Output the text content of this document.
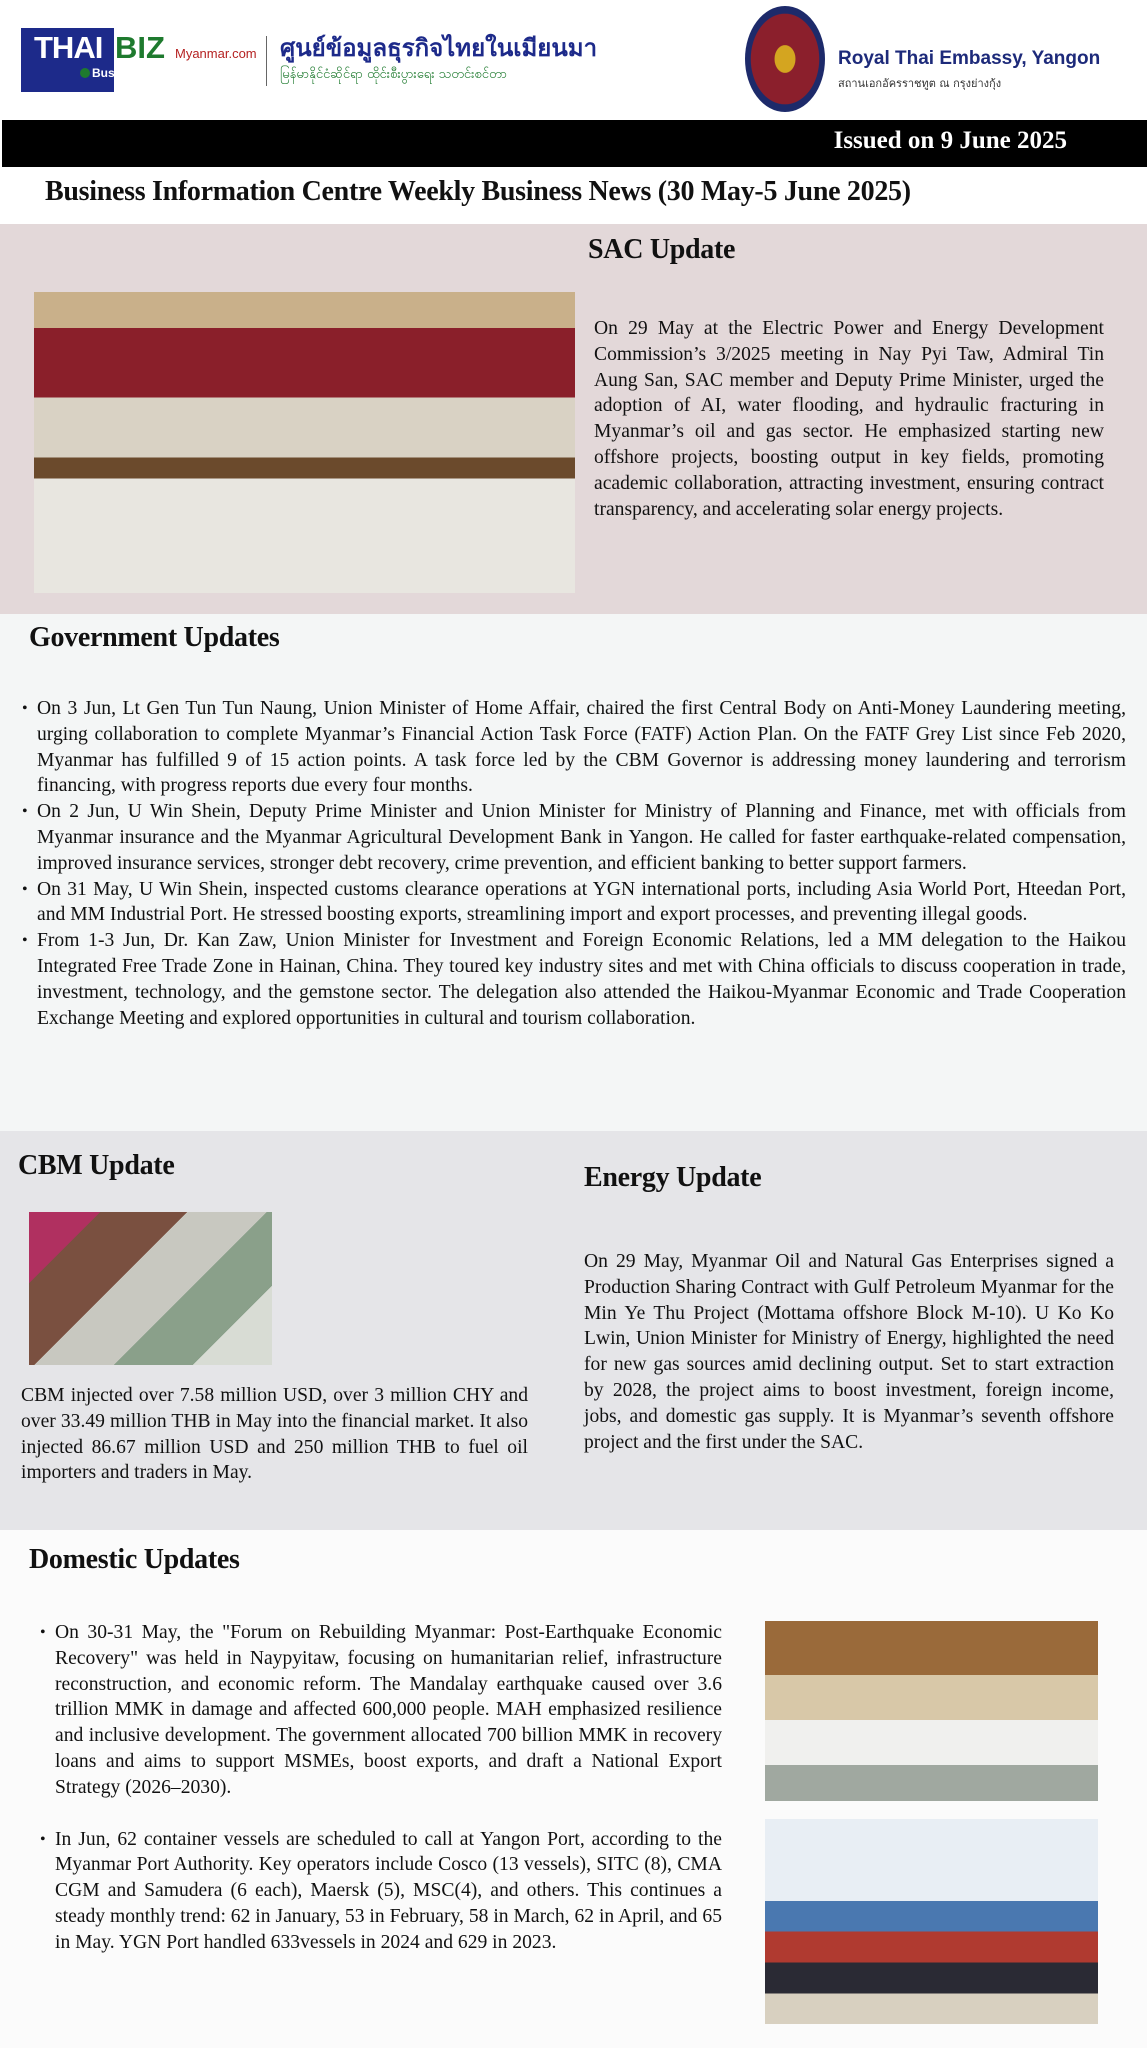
THAI BIZ Myanmar.com
Business Information Centre
ศูนย์ข้อมูลธุรกิจไทยในเมียนมา
မြန်မာနိုင်ငံဆိုင်ရာ ထိုင်းစီးပွားရေး သတင်းစင်တာ
Royal Thai Embassy, Yangon
สถานเอกอัครราชทูต ณ กรุงย่างกุ้ง
Issued on 9 June 2025
Business Information Centre Weekly Business News (30 May-5 June 2025)
SAC Update
On 29 May at the Electric Power and Energy Development Commission’s 3/2025 meeting in Nay Pyi Taw, Admiral Tin Aung San, SAC member and Deputy Prime Minister, urged the adoption of AI, water flooding, and hydraulic fracturing in Myanmar’s oil and gas sector. He emphasized starting new offshore projects, boosting output in key fields, promoting academic collaboration, attracting investment, ensuring contract transparency, and accelerating solar energy projects.
Government Updates
• On 3 Jun, Lt Gen Tun Tun Naung, Union Minister of Home Affair, chaired the first Central Body on Anti-Money Laundering meeting, urging collaboration to complete Myanmar’s Financial Action Task Force (FATF) Action Plan. On the FATF Grey List since Feb 2020, Myanmar has fulfilled 9 of 15 action points. A task force led by the CBM Governor is addressing money laundering and terrorism financing, with progress reports due every four months.
• On 2 Jun, U Win Shein, Deputy Prime Minister and Union Minister for Ministry of Planning and Finance, met with officials from Myanmar insurance and the Myanmar Agricultural Development Bank in Yangon. He called for faster earthquake-related compensation, improved insurance services, stronger debt recovery, crime prevention, and efficient banking to better support farmers.
• On 31 May, U Win Shein, inspected customs clearance operations at YGN international ports, including Asia World Port, Hteedan Port, and MM Industrial Port. He stressed boosting exports, streamlining import and export processes, and preventing illegal goods.
• From 1-3 Jun, Dr. Kan Zaw, Union Minister for Investment and Foreign Economic Relations, led a MM delegation to the Haikou Integrated Free Trade Zone in Hainan, China. They toured key industry sites and met with China officials to discuss cooperation in trade, investment, technology, and the gemstone sector. The delegation also attended the Haikou-Myanmar Economic and Trade Cooperation Exchange Meeting and explored opportunities in cultural and tourism collaboration.
CBM Update
CBM injected over 7.58 million USD, over 3 million CHY and over 33.49 million THB in May into the financial market. It also injected 86.67 million USD and 250 million THB to fuel oil importers and traders in May.
Energy Update
On 29 May, Myanmar Oil and Natural Gas Enterprises signed a Production Sharing Contract with Gulf Petroleum Myanmar for the Min Ye Thu Project (Mottama offshore Block M-10). U Ko Ko Lwin, Union Minister for Ministry of Energy, highlighted the need for new gas sources amid declining output. Set to start extraction by 2028, the project aims to boost investment, foreign income, jobs, and domestic gas supply. It is Myanmar’s seventh offshore project and the first under the SAC.
Domestic Updates
• On 30-31 May, the "Forum on Rebuilding Myanmar: Post-Earthquake Economic Recovery" was held in Naypyitaw, focusing on humanitarian relief, infrastructure reconstruction, and economic reform. The Mandalay earthquake caused over 3.6 trillion MMK in damage and affected 600,000 people. MAH emphasized resilience and inclusive development. The government allocated 700 billion MMK in recovery loans and aims to support MSMEs, boost exports, and draft a National Export Strategy (2026–2030).
• In Jun, 62 container vessels are scheduled to call at Yangon Port, according to the Myanmar Port Authority. Key operators include Cosco (13 vessels), SITC (8), CMA CGM and Samudera (6 each), Maersk (5), MSC(4), and others. This continues a steady monthly trend: 62 in January, 53 in February, 58 in March, 62 in April, and 65 in May. YGN Port handled 633vessels in 2024 and 629 in 2023.
